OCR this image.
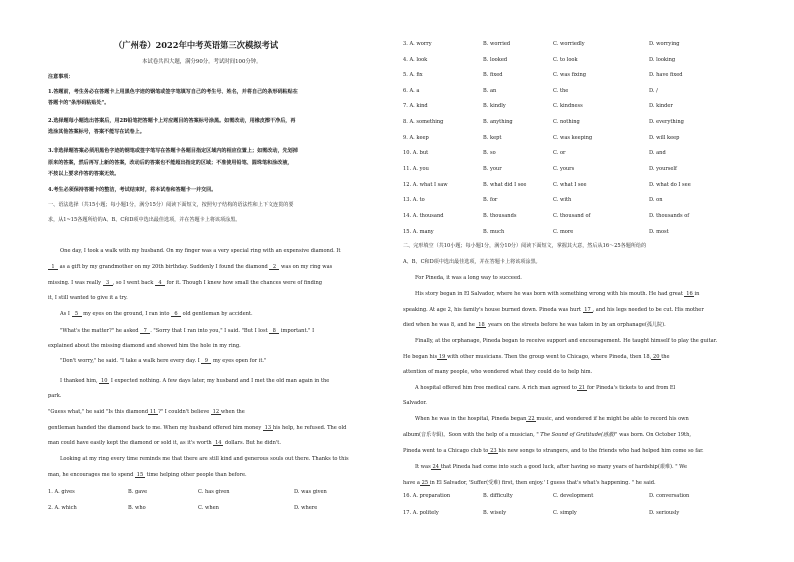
（广州卷）2022年中考英语第三次模拟考试
本试卷共四大题，满分90分。考试时间100分钟。
注意事项：
1.答题前，考生务必在答题卡上用黑色字迹的钢笔或签字笔填写自己的考生号、姓名，并将自己的条形码粘贴在
答题卡的"条形码粘贴处"。
2.选择题每小题选出答案后，用2B铅笔把答题卡上对应题目的答案标号涂黑。如需改动，用橡皮擦干净后，再
选涂其他答案标号，答案不能写在试卷上。
3.非选择题答案必须用黑色字迹的钢笔或签字笔写在答题卡各题目指定区域内的相应位置上；如需改动，先划掉
原来的答案，然后再写上新的答案，改动后的答案也不能超出指定的区域；不准使用铅笔、圆珠笔和涂改液，
不按以上要求作答的答案无效。
4.考生必须保持答题卡的整洁，考试结束时，将本试卷和答题卡一并交回。
一、语法选择（共15小题；每小题1分，满分15分）阅读下面短文，按照句子结构的语法性和上下文连贯的要
求，从1~15各题所给的A、B、C和D项中选出最佳选项，并在答题卡上将该项涂黑。
One day, I took a walk with my husband. On my finger was a very special ring with an expensive diamond. It
1 as a gift by my grandmother on my 20th birthday. Suddenly I found the diamond 2 was on my ring was
missing. I was really 3 , so I went back 4 for it. Though I knew how small the chances were of finding
it, I still wanted to give it a try.
As I 5 my eyes on the ground, I ran into 6 old gentleman by accident.
"What's the matter?" he asked 7 . "Sorry that I ran into you," I said. "But I lost 8 important." I
explained about the missing diamond and showed him the hole in my ring.
"Don't worry," he said. "I take a walk here every day. I 9 my eyes open for it."
I thanked him, 10 I expected nothing. A few days later, my husband and I met the old man again in the
park.
"Guess what," he said "Is this diamond 11 ?" I couldn't believe 12 when the
gentleman handed the diamond back to me. When my husband offered him money 13 his help, he refused. The old
man could have easily kept the diamond or sold it, as it's worth 14 dollars. But he didn't.
Looking at my ring every time reminds me that there are still kind and generous souls out there. Thanks to this
man, he encourages me to spend 15 time helping other people than before.
1. A. gives	B. gave	C. has given	D. was given
2. A. which	B. who	C. when	D. where
3. A. worry	B. worried	C. worriedly	D. worrying
4. A. look	B. looked	C. to look	D. looking
5. A. fix	B. fixed	C. was fixing	D. have fixed
6. A. a	B. an	C. the	D. /
7. A. kind	B. kindly	C. kindness	D. kinder
8. A. something	B. anything	C. nothing	D. everything
9. A. keep	B. kept	C. was keeping	D. will keep
10. A. but	B. so	C. or	D. and
11. A. you	B. your	C. yours	D. yourself
12. A. what I saw	B. what did I see	C. what I see	D. what do I see
13. A. to	B. for	C. with	D. on
14. A. thousand	B. thousands	C. thousand of	D. thousands of
15. A. many	B. much	C. more	D. most
二、完形填空（共10小题；每小题1分，满分10分）阅读下面短文，掌握其大意，然后从16～25各题所给的
A、B、C和D项中选出最佳选项，并在答题卡上将该项涂黑。
For Pineda, it was a long way to succeed.
His story began in El Salvador, where he was born with something wrong with his mouth. He had great 16 in
speaking. At age 2, his family's house burned down. Pineda was hurt 17 , and his legs needed to be cut. His mother
died when he was 8, and he 18 years on the streets before he was taken in by an orphanage(孤儿院).
Finally, at the orphanage, Pineda began to receive support and encouragement. He taught himself to play the guitar.
He began his 19 with other musicians. Then the group went to Chicago, where Pineda, then 18, 20 the
attention of many people, who wondered what they could do to help him.
A hospital offered him free medical care. A rich man agreed to 21 for Pineda's tickets to and from El
Salvador.
When he was in the hospital, Pineda began 22 music, and wondered if he might be able to record his own
album(音乐专辑)。Soon with the help of a musician, " The Sound of Gratitude(感激)" was born. On October 19th,
Pineda went to a Chicago club to 23 his new songs to strangers, and to the friends who had helped him come so far.
It was 24 that Pineda had come into such a good luck, after having so many years of hardship(艰难). " We
have a 25 in El Salvador, 'Suffer(受难) first, then enjoy.' I guess that's what's happening. " he said.
16. A. preparation	B. difficulty	C. development	D. conversation
17. A. politely	B. wisely	C. simply	D. seriously
